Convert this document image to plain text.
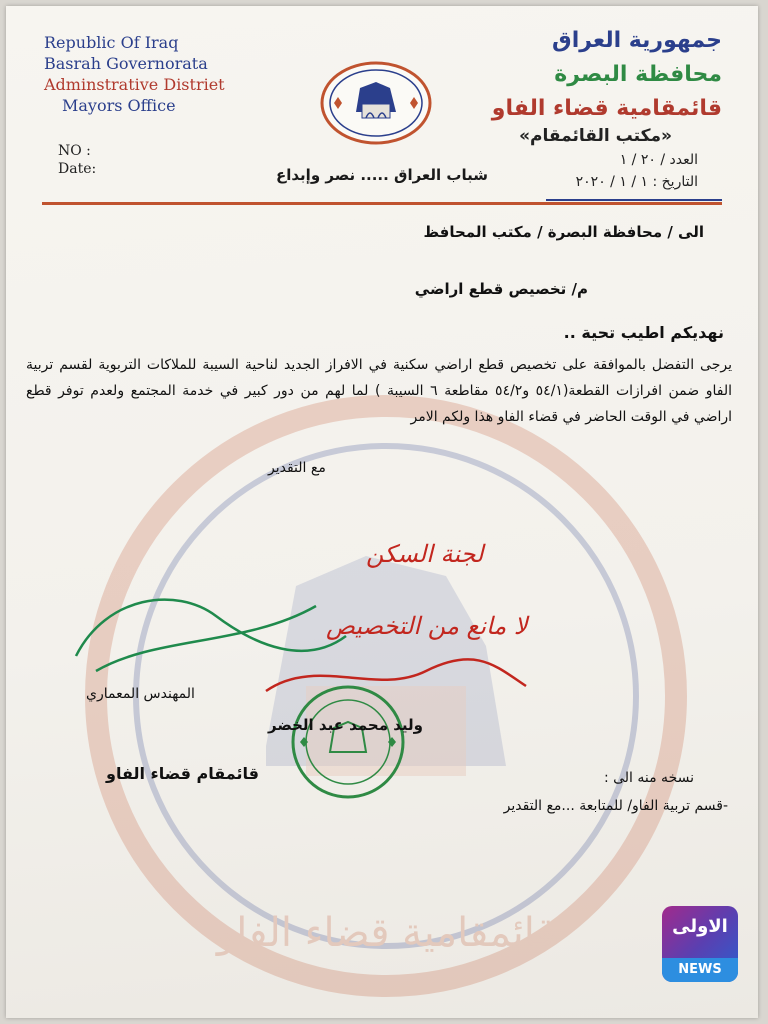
قائمقامية قضاء الفاو
Republic Of Iraq
Basrah Governorata
Adminstrative Distriet
Mayors Office
NO :
Date:
جمهورية العراق
محافظة البصرة
قائمقامية قضاء الفاو
«مكتب القائمقام»
العدد / ٢٠ / ١
التاريخ : ١ / ١ / ٢٠٢٠
شباب العراق ..... نصر وإبداع
الى / محافظة البصرة / مكتب المحافظ
م/ تخصيص قطع اراضي
نهديكم اطيب تحية ..
يرجى التفضل بالموافقة على تخصيص قطع اراضي سكنية في الافراز الجديد لناحية السيبة للملاكات التربوية لقسم تربية الفاو ضمن افرازات القطعة(٥٤/١ و٥٤/٢ مقاطعة ٦ السيبة ) لما لهم من دور كبير في خدمة المجتمع ولعدم توفر قطع اراضي في الوقت الحاضر في قضاء الفاو هذا ولكم الامر
مع التقدير
لجنة السكن
لا مانع من التخصيص
المهندس المعماري
وليد محمد عبد الخضر
قائمقام قضاء الفاو	نسخه منه الى :
-قسم تربية الفاو/ للمتابعة ...مع التقدير
الاولى
NEWS
